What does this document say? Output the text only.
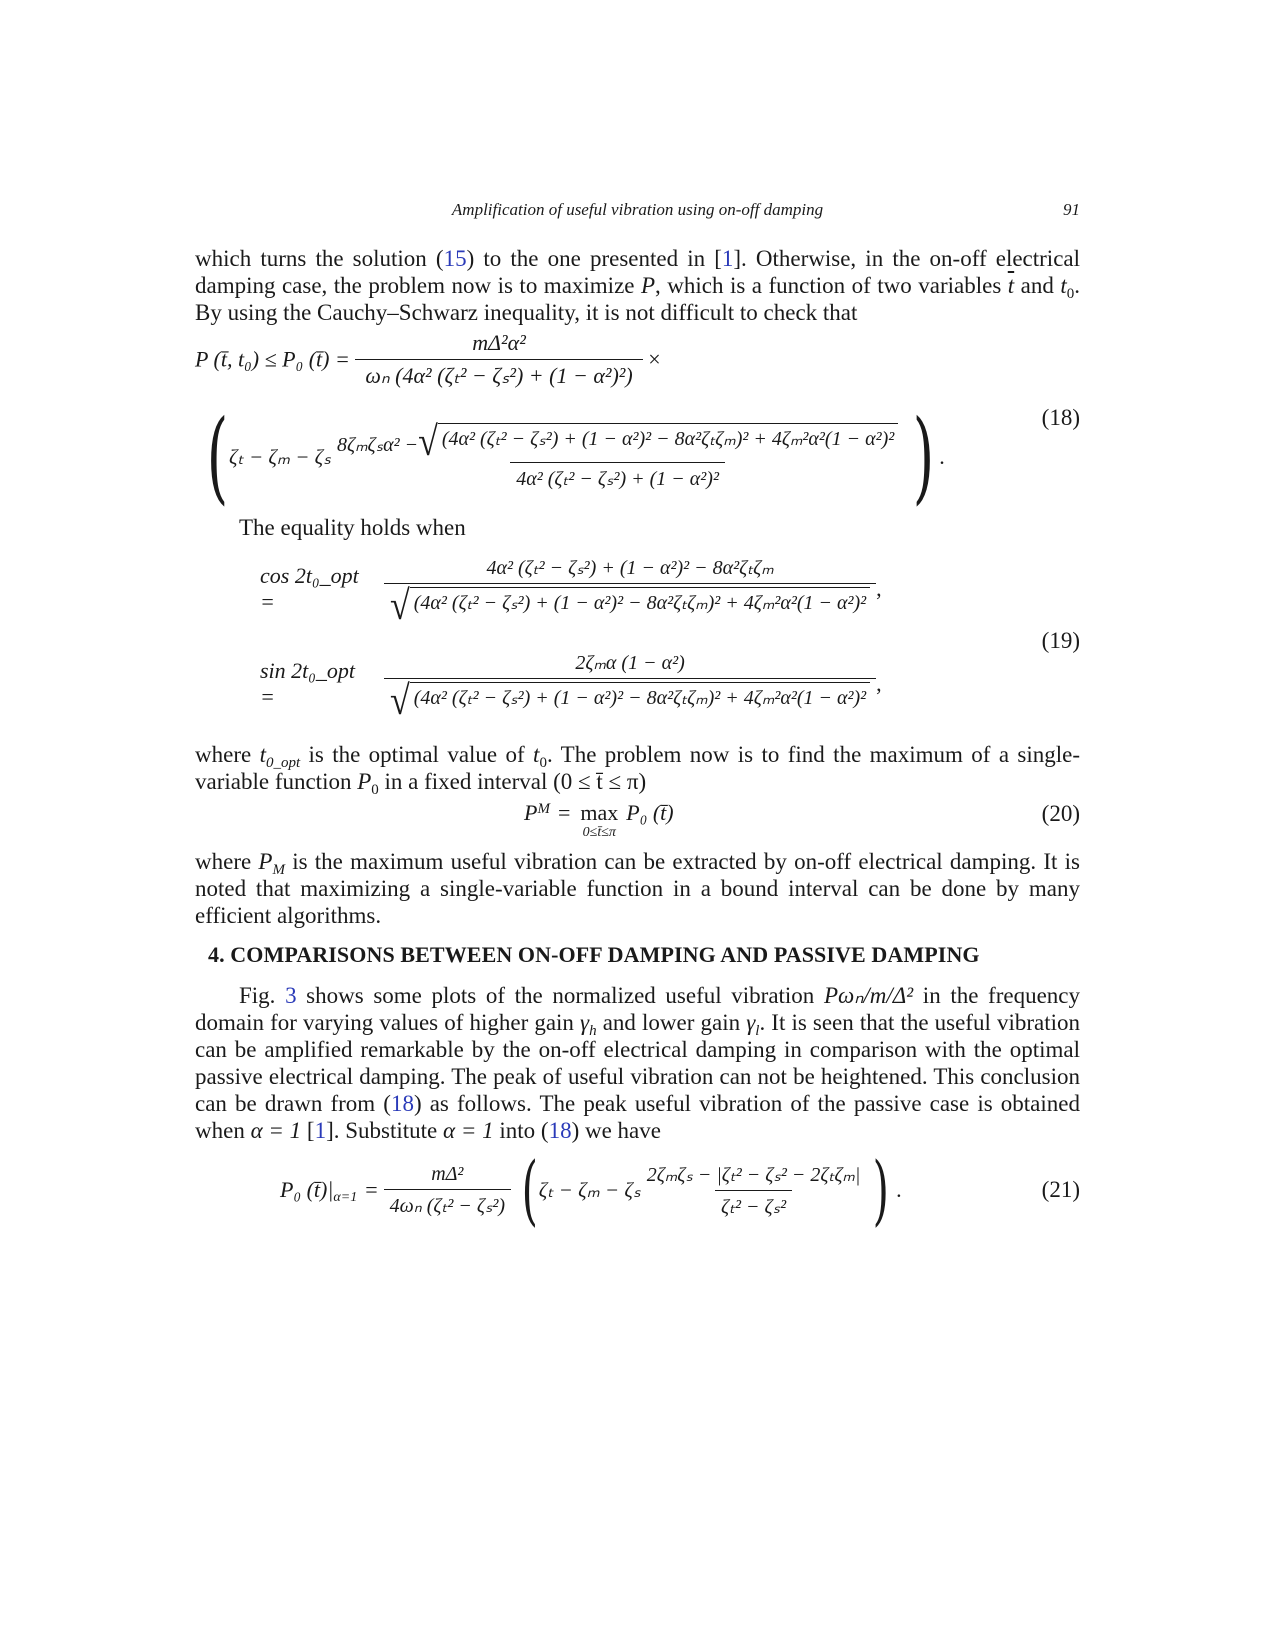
Amplification of useful vibration using on-off damping	91

which turns the solution (15) to the one presented in [1]. Otherwise, in the on-off electrical damping case, the problem now is to maximize P, which is a function of two variables $\overline{t}$ and $t_0$. By using the Cauchy–Schwarz inequality, it is not difficult to check that

P (t̄, t₀) ≤ P₀ (t̄) = $\frac{\text{mΔ²α²}}{\text{ωₙ (4α² (ζₜ² − ζₛ²) + (1 − α²)²)}}$ ×
( ζₜ − ζₘ − ζₛ 8ζₘζₛα² − √ (4α² (ζₜ² − ζₛ²) + (1 − α²)² − 8α²ζₜζₘ)² + 4ζₘ²α²(1 − α²)²
4α² (ζₜ² − ζₛ²) + (1 − α²)² ) .
(18)

The equality holds when

cos 2t₀_opt =
4α² (ζₜ² − ζₛ²) + (1 − α²)² − 8α²ζₜζₘ
√ (4α² (ζₜ² − ζₛ²) + (1 − α²)² − 8α²ζₜζₘ)² + 4ζₘ²α²(1 − α²)²
,
sin 2t₀_opt =
2ζₘα (1 − α²)
√ (4α² (ζₜ² − ζₛ²) + (1 − α²)² − 8α²ζₜζₘ)² + 4ζₘ²α²(1 − α²)²
,
(19)

where $t_{0\_opt}$ is the optimal value of $t_0$. The problem now is to find the maximum of a single-variable function $P_0$ in a fixed interval (0 ≤ t̄ ≤ π)

P M = max
0≤t̄≤π
P₀ (t̄)	(20)

where $P_M$ is the maximum useful vibration can be extracted by on-off electrical damping. It is noted that maximizing a single-variable function in a bound interval can be done by many efficient algorithms.

4. COMPARISONS BETWEEN ON-OFF DAMPING AND PASSIVE DAMPING

Fig. 3 shows some plots of the normalized useful vibration Pωₙ/m/Δ² in the frequency domain for varying values of higher gain $\gamma_h$ and lower gain $\gamma_l$. It is seen that the useful vibration can be amplified remarkable by the on-off electrical damping in comparison with the optimal passive electrical damping. The peak of useful vibration can not be heightened. This conclusion can be drawn from (18) as follows. The peak useful vibration of the passive case is obtained when α = 1 [1]. Substitute α = 1 into (18) we have

P₀ (t̄)| $\alpha=1 = \frac{\text{mΔ²}}{\text{4ωₙ (ζₜ² − ζₛ²)}}$ ( ζₜ − ζₘ − ζₛ $\frac{\text{2ζₘζₛ − |ζₜ² − ζₛ² − 2ζₜζₘ|}}{\text{ζₜ² − ζₛ²}}$ ) .	(21)
